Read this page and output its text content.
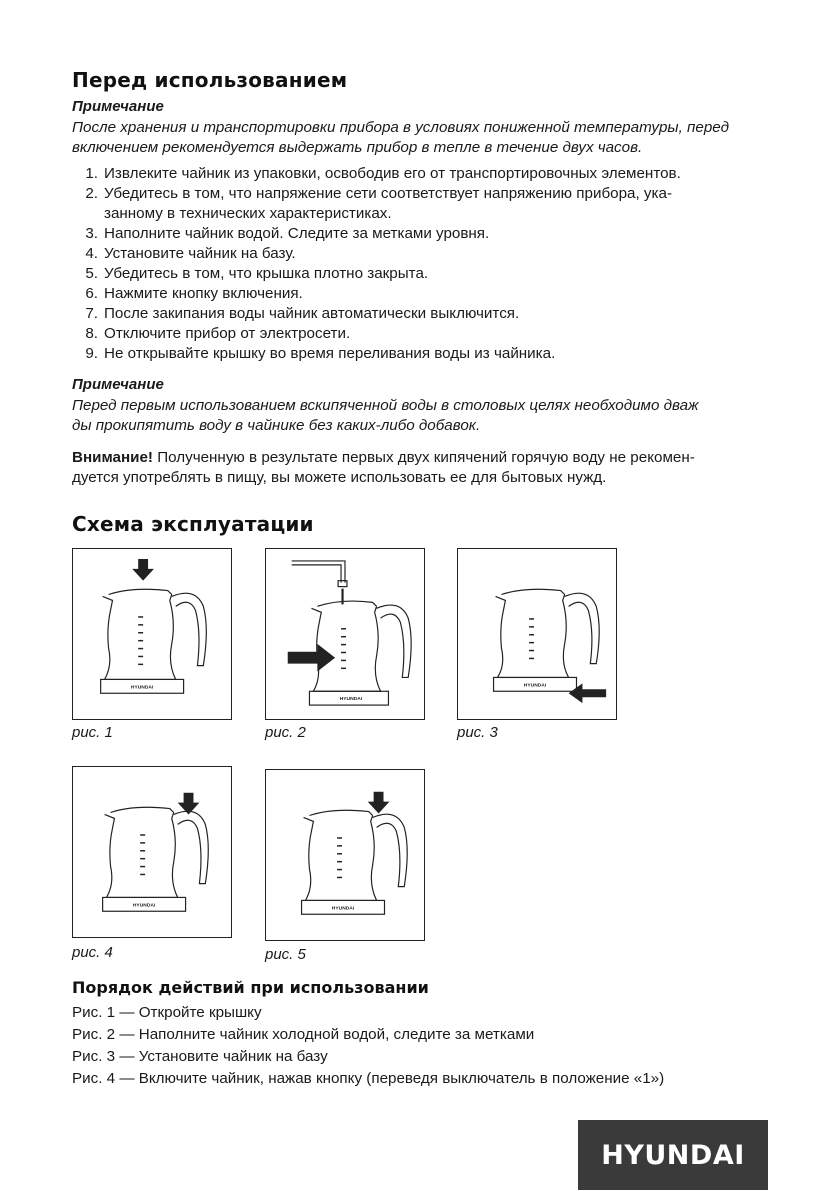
Перед использованием
Примечание
После хранения и транспортировки прибора в условиях пониженной температуры, перед
включением рекомендуется выдержать прибор в тепле в течение двух часов.
1. Извлеките чайник из упаковки, освободив его от транспортировочных элементов.
2. Убедитесь в том, что напряжение сети соответствует напряжению прибора, ука-
занному в технических характеристиках.
3. Наполните чайник водой. Следите за метками уровня.
4. Установите чайник на базу.
5. Убедитесь в том, что крышка плотно закрыта.
6. Нажмите кнопку включения.
7. После закипания воды чайник автоматически выключится.
8. Отключите прибор от электросети.
9. Не открывайте крышку во время переливания воды из чайника.
Примечание
Перед первым использованием вскипяченной воды в столовых целях необходимо дваж
ды прокипятить воду в чайнике без каких-либо добавок.
Внимание! Полученную в результате первых двух кипячений горячую воду не рекомен-
дуется употреблять в пищу, вы можете использовать ее для бытовых нужд.
Схема эксплуатации
HYUNDAI
рис. 1
HYUNDAI
рис. 2
HYUNDAI
рис. 3
HYUNDAI
рис. 4
HYUNDAI
рис. 5
Порядок действий при использовании
Рис. 1 — Откройте крышку
Рис. 2 — Наполните чайник холодной водой, следите за метками
Рис. 3 — Установите чайник на базу
Рис. 4 — Включите чайник, нажав кнопку (переведя выключатель в положение «1»)
HYUNDAI
